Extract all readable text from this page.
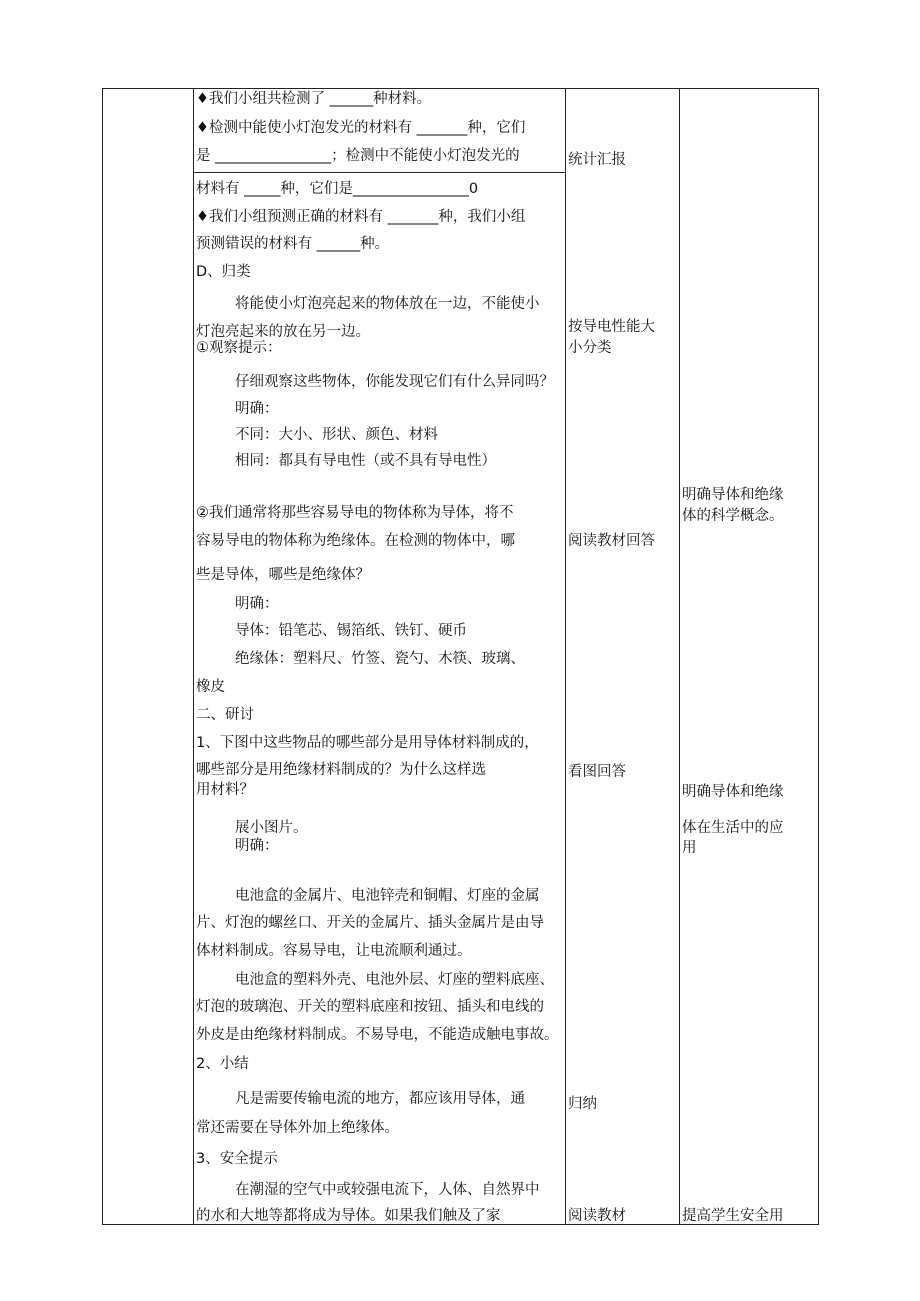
♦我们小组共检测了 ______种材料。
♦检测中能使小灯泡发光的材料有 _______种，它们
是 ________________；检测中不能使小灯泡发光的
材料有 _____种，它们是________________0
♦我们小组预测正确的材料有 _______种，我们小组
预测错误的材料有 ______种。
D、归类
将能使小灯泡亮起来的物体放在一边，不能使小
灯泡亮起来的放在另一边。
①观察提示：
仔细观察这些物体，你能发现它们有什么异同吗？
明确：
不同：大小、形状、颜色、材料
相同：都具有导电性（或不具有导电性）
②我们通常将那些容易导电的物体称为导体，将不
容易导电的物体称为绝缘体。在检测的物体中，哪
些是导体，哪些是绝缘体？
明确：
导体：铅笔芯、锡箔纸、铁钉、硬币
绝缘体：塑料尺、竹签、瓷勺、木筷、玻璃、
橡皮
二、研讨
1、下图中这些物品的哪些部分是用导体材料制成的，
哪些部分是用绝缘材料制成的？为什么这样选
用材料？
展小图片。
明确：
电池盒的金属片、电池锌壳和铜帽、灯座的金属
片、灯泡的螺丝口、开关的金属片、插头金属片是由导
体材料制成。容易导电，让电流顺利通过。
电池盒的塑料外壳、电池外层、灯座的塑料底座、
灯泡的玻璃泡、开关的塑料底座和按钮、插头和电线的
外皮是由绝缘材料制成。不易导电，不能造成触电事故。
2、小结
凡是需要传输电流的地方，都应该用导体，通
常还需要在导体外加上绝缘体。
3、安全提示
在潮湿的空气中或较强电流下，人体、自然界中
的水和大地等都将成为导体。如果我们触及了家
统计汇报
按导电性能大
小分类
阅读教材回答
看图回答
归纳
阅读教材
明确导体和绝缘
体的科学概念。
明确导体和绝缘
体在生活中的应
用
提高学生安全用
